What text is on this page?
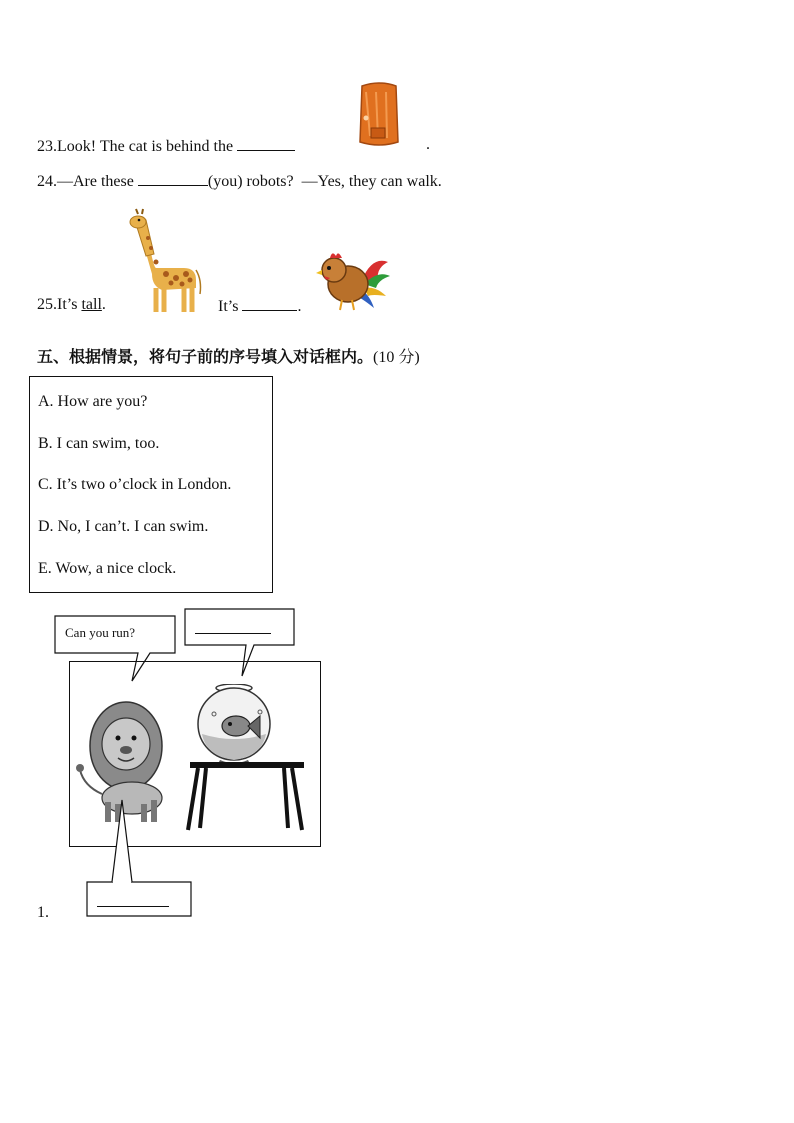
23.Look! The cat is behind the	.
24.—Are these	(you) robots? —Yes, they can walk.
25.It’s tall.	It’s	.
五、根据情景，将句子前的序号填入对话框内。(10 分)
A. How are you?
B. I can swim, too.
C. It’s two o’clock in London.
D. No, I can’t. I can swim.
E. Wow, a nice clock.
Can you run?
1.
